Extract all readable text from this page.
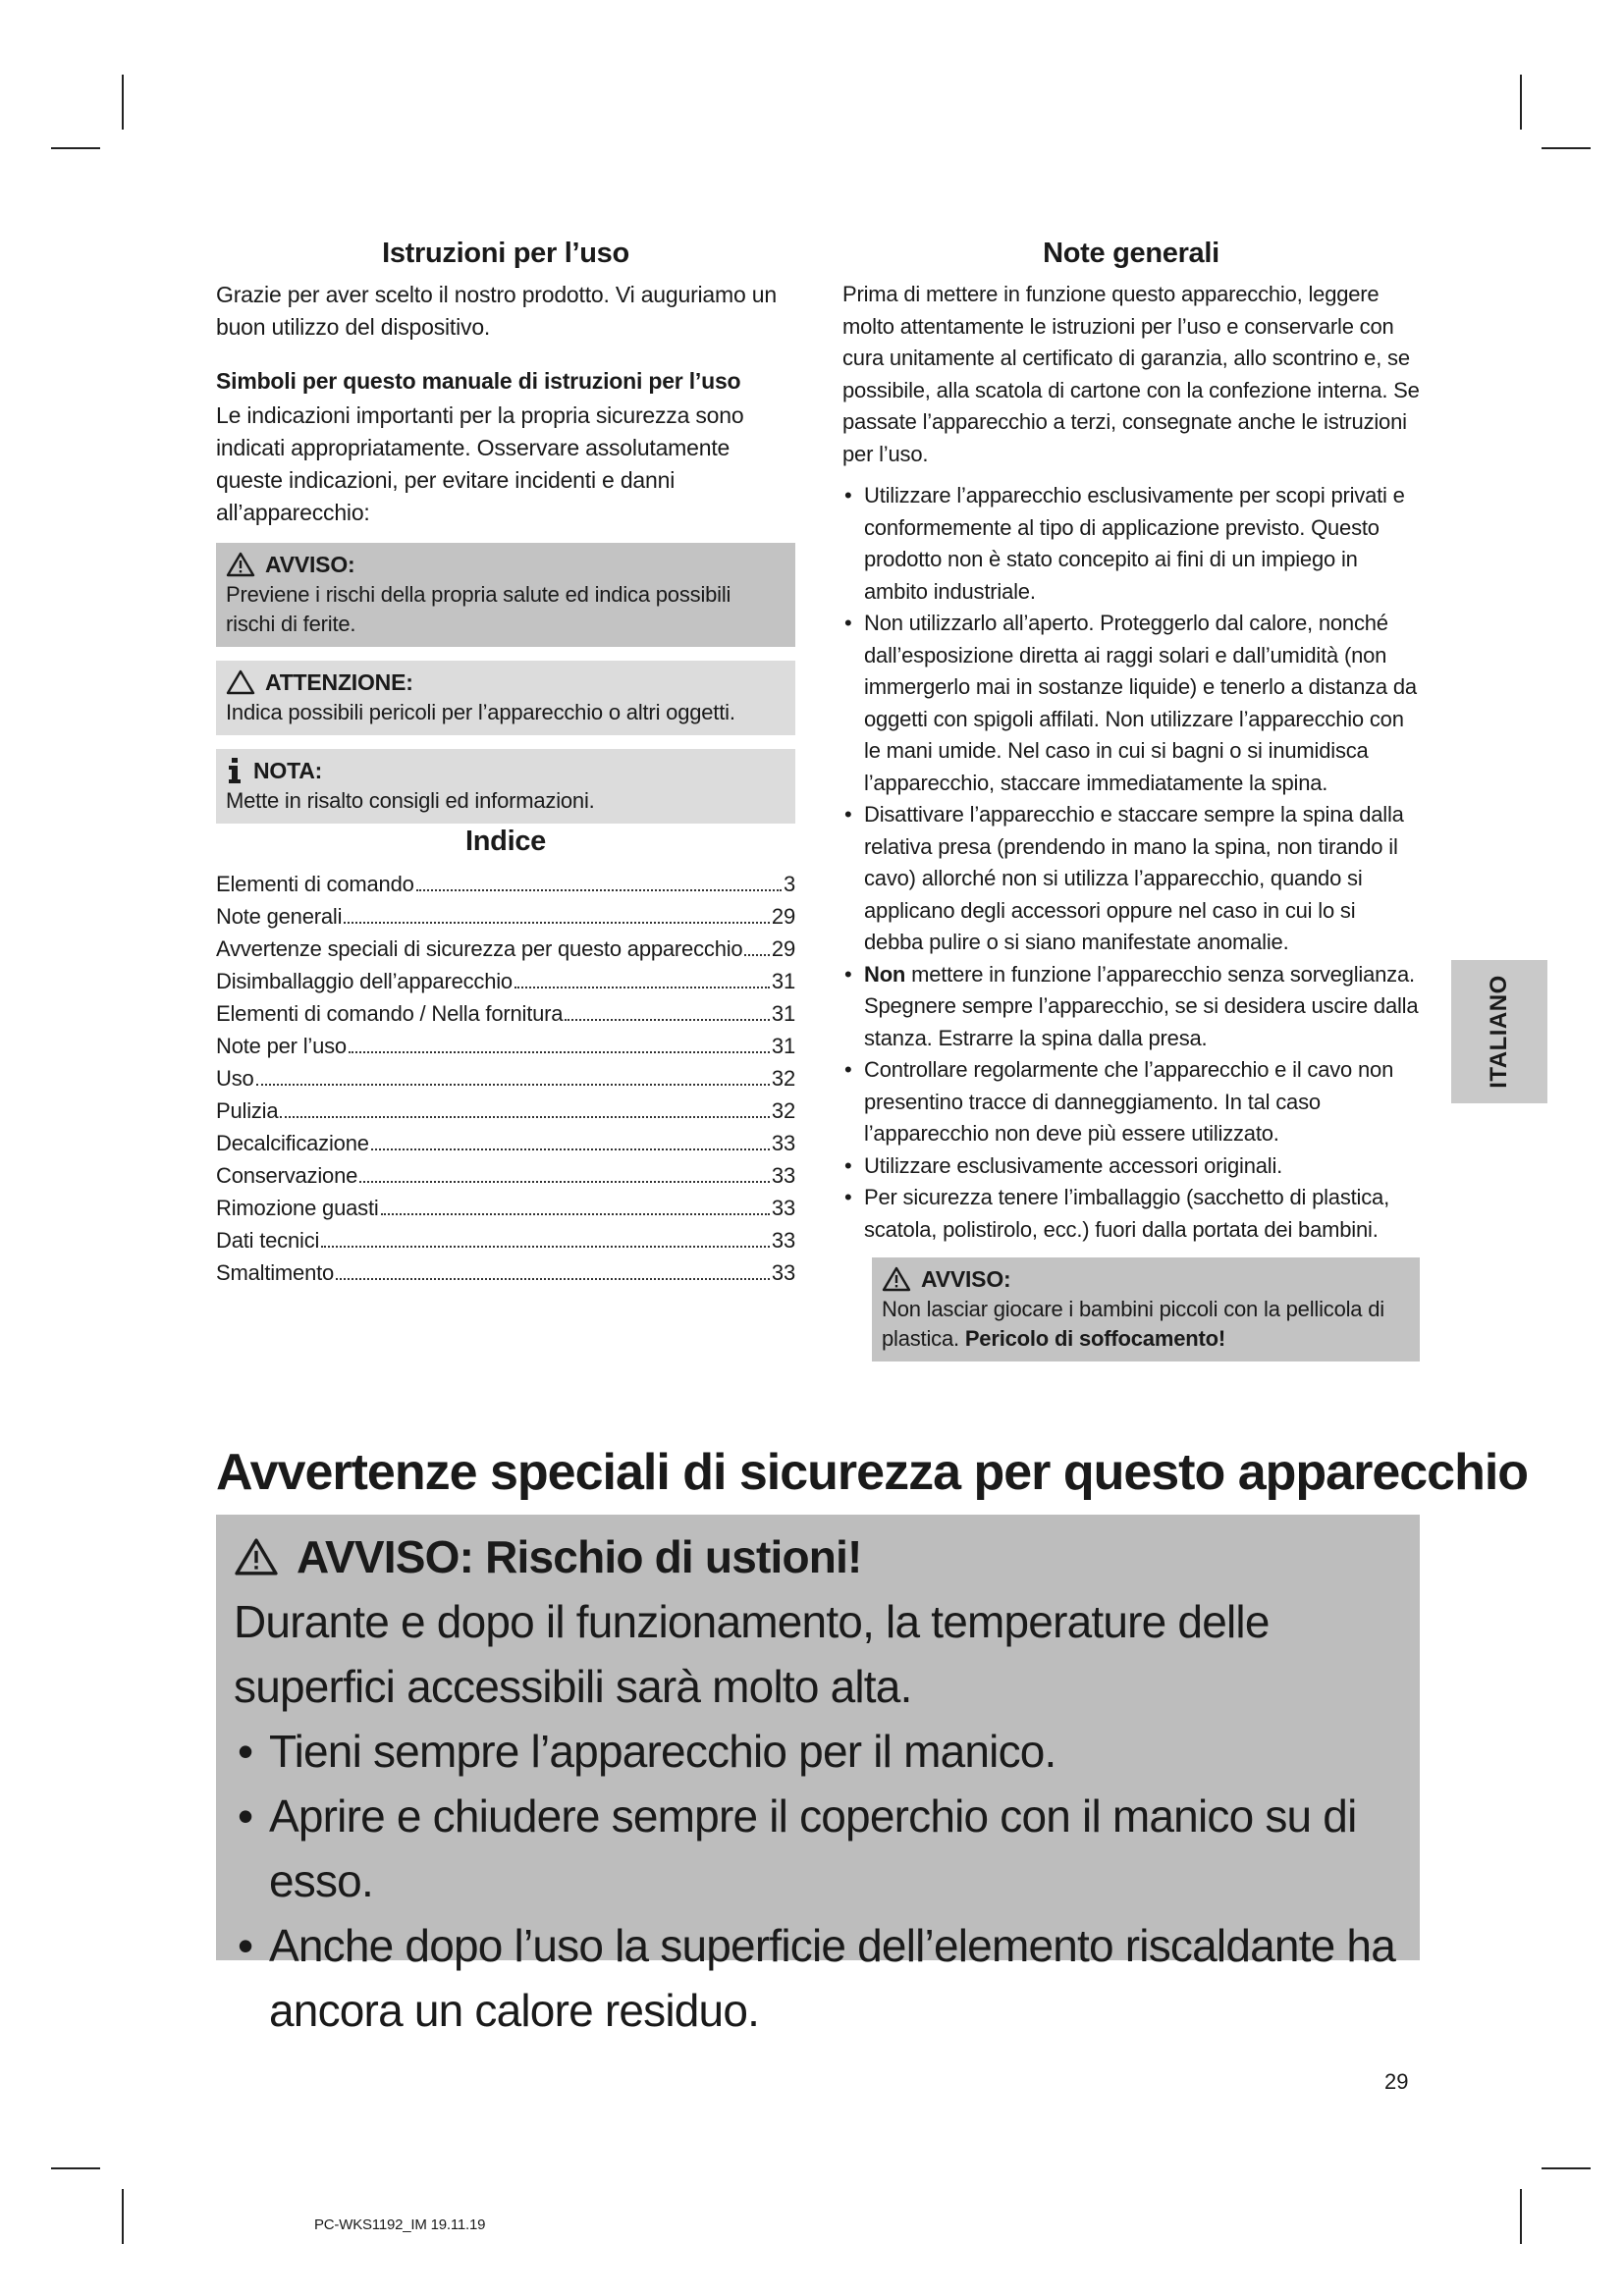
Istruzioni per l’uso

Grazie per aver scelto il nostro prodotto. Vi auguriamo un buon utilizzo del dispositivo.

Simboli per questo manuale di istruzioni per l’uso

Le indicazioni importanti per la propria sicurezza sono indicati appropriatamente. Osservare assolutamente queste indicazioni, per evitare incidenti e danni all’apparecchio:

AVVISO:
Previene i rischi della propria salute ed indica possibili rischi di ferite.
ATTENZIONE:
Indica possibili pericoli per l’apparecchio o altri oggetti.
NOTA:
Mette in risalto consigli ed informazioni.
Indice
Elementi di comando	3
Note generali	29
Avvertenze speciali di sicurezza per questo apparecchio 29
Disimballaggio dell’apparecchio	31
Elementi di comando / Nella fornitura	31
Note per l’uso	31
Uso	32
Pulizia	32
Decalcificazione	33
Conservazione	33
Rimozione guasti	33
Dati tecnici	33
Smaltimento	33
Note generali

Prima di mettere in funzione questo apparecchio, leggere molto attentamente le istruzioni per l’uso e conservarle con cura unitamente al certificato di garanzia, allo scontrino e, se possibile, alla scatola di cartone con la confezione interna. Se passate l’apparecchio a terzi, consegnate anche le istruzioni per l’uso.

• Utilizzare l’apparecchio esclusivamente per scopi privati e conformemente al tipo di applicazione previsto. Questo prodotto non è stato concepito ai fini di un impiego in ambito industriale.
• Non utilizzarlo all’aperto. Proteggerlo dal calore, nonché dall’esposizione diretta ai raggi solari e dall’umidità (non immergerlo mai in sostanze liquide) e tenerlo a distanza da oggetti con spigoli affilati. Non utilizzare l’apparecchio con le mani umide. Nel caso in cui si bagni o si inumidisca l’apparecchio, staccare immediatamente la spina.
• Disattivare l’apparecchio e staccare sempre la spina dalla relativa presa (prendendo in mano la spina, non tirando il cavo) allorché non si utilizza l’apparecchio, quando si applicano degli accessori oppure nel caso in cui lo si debba pulire o si siano manifestate anomalie.
• Non mettere in funzione l’apparecchio senza sorveglianza. Spegnere sempre l’apparecchio, se si desidera uscire dalla stanza. Estrarre la spina dalla presa.
• Controllare regolarmente che l’apparecchio e il cavo non presentino tracce di danneggiamento. In tal caso l’apparecchio non deve più essere utilizzato.
• Utilizzare esclusivamente accessori originali.
• Per sicurezza tenere l’imballaggio (sacchetto di plastica, scatola, polistirolo, ecc.) fuori dalla portata dei bambini.
AVVISO:
Non lasciar giocare i bambini piccoli con la pellicola di plastica. Pericolo di soffocamento!
ITALIANO
Avvertenze speciali di sicurezza per questo apparecchio
AVVISO: Rischio di ustioni!
Durante e dopo il funzionamento, la temperature delle superfici accessibili sarà molto alta.
• Tieni sempre l’apparecchio per il manico.
• Aprire e chiudere sempre il coperchio con il manico su di esso.
• Anche dopo l’uso la superficie dell’elemento riscaldante ha ancora un calore residuo.
29
PC-WKS1192_IM 19.11.19
